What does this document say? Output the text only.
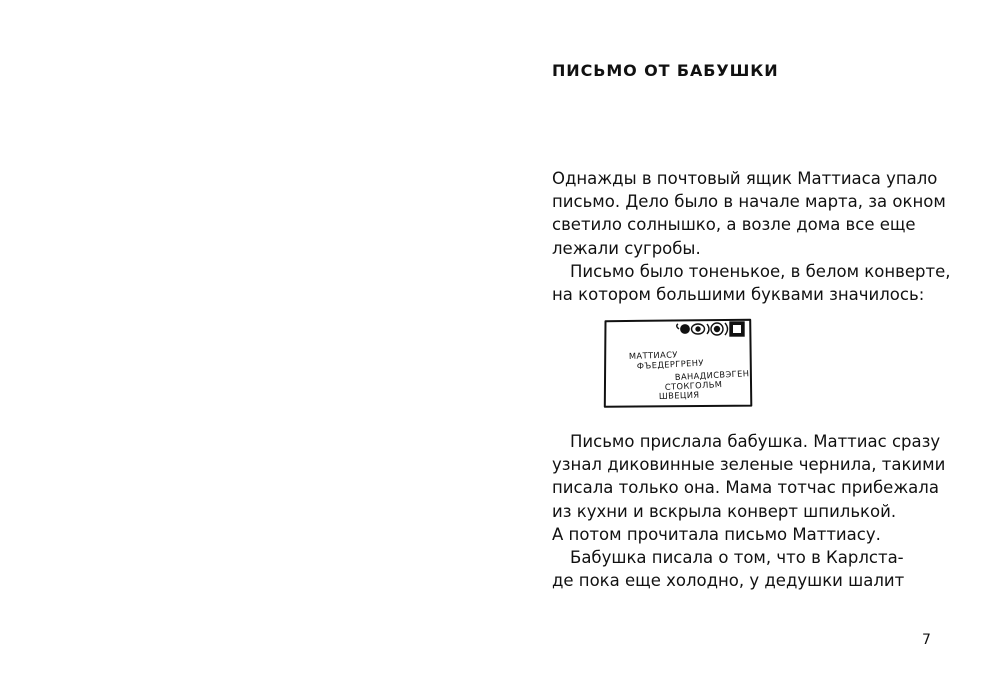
ПИСЬМО ОТ БАБУШКИ
Однажды в почтовый ящик Маттиаса упало
письмо. Дело было в начале марта, за окном
светило солнышко, а возле дома все еще
лежали сугробы.
Письмо было тоненькое, в белом конверте,
на котором большими буквами значилось:
МАТТИАСУ
ФЪЕДЕРГРЕНУ
ВАНАДИСВЭГЕН
СТОКГОЛЬМ
ШВЕЦИЯ
Письмо прислала бабушка. Маттиас сразу
узнал диковинные зеленые чернила, такими
писала только она. Мама тотчас прибежала
из кухни и вскрыла конверт шпилькой.
А потом прочитала письмо Маттиасу.
Бабушка писала о том, что в Карлста-
де пока еще холодно, у дедушки шалит

7
